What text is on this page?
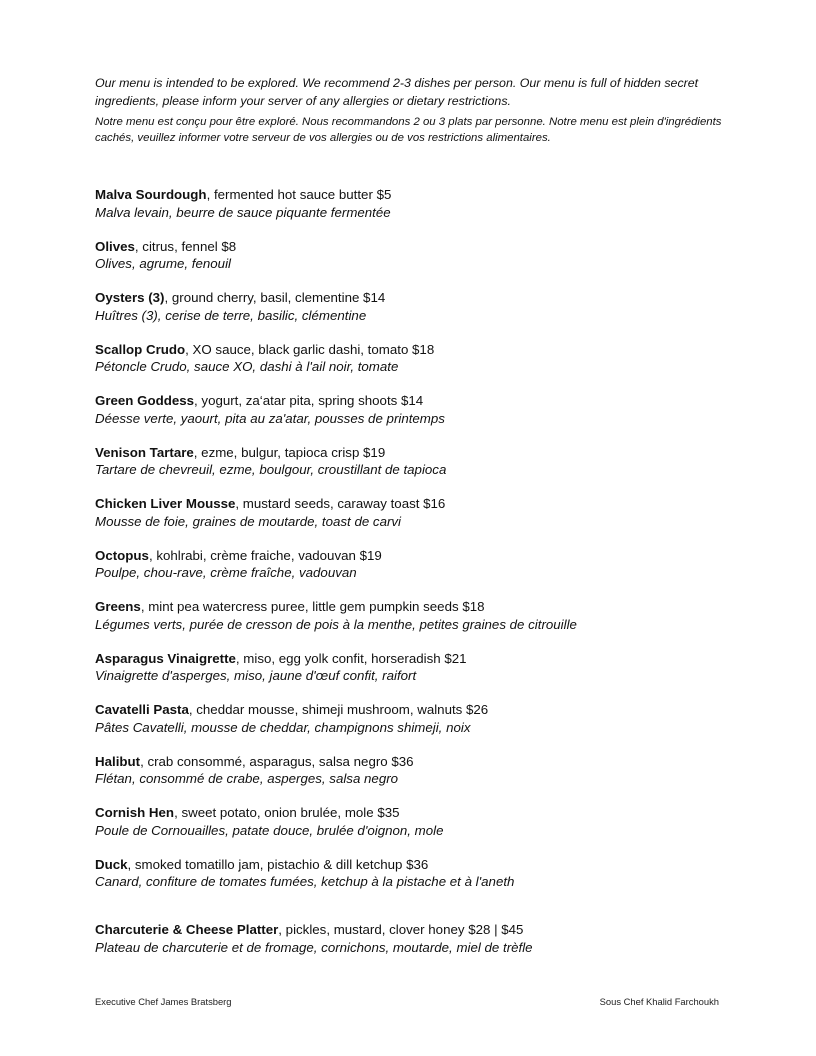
Our menu is intended to be explored. We recommend 2-3 dishes per person. Our menu is full of hidden secret ingredients, please inform your server of any allergies or dietary restrictions.

Notre menu est conçu pour être exploré. Nous recommandons 2 ou 3 plats par personne. Notre menu est plein d'ingrédients cachés, veuillez informer votre serveur de vos allergies ou de vos restrictions alimentaires.

Malva Sourdough, fermented hot sauce butter $5
Malva levain, beurre de sauce piquante fermentée
Olives, citrus, fennel $8
Olives, agrume, fenouil
Oysters (3), ground cherry, basil, clementine $14
Huîtres (3), cerise de terre, basilic, clémentine
Scallop Crudo, XO sauce, black garlic dashi, tomato $18
Pétoncle Crudo, sauce XO, dashi à l'ail noir, tomate
Green Goddess, yogurt, za‘atar pita, spring shoots $14
Déesse verte, yaourt, pita au za'atar, pousses de printemps
Venison Tartare, ezme, bulgur, tapioca crisp $19
Tartare de chevreuil, ezme, boulgour, croustillant de tapioca
Chicken Liver Mousse, mustard seeds, caraway toast $16
Mousse de foie, graines de moutarde, toast de carvi
Octopus, kohlrabi, crème fraiche, vadouvan $19
Poulpe, chou-rave, crème fraîche, vadouvan
Greens, mint pea watercress puree, little gem pumpkin seeds $18
Légumes verts, purée de cresson de pois à la menthe, petites graines de citrouille
Asparagus Vinaigrette, miso, egg yolk confit, horseradish $21
Vinaigrette d'asperges, miso, jaune d'œuf confit, raifort
Cavatelli Pasta, cheddar mousse, shimeji mushroom, walnuts $26
Pâtes Cavatelli, mousse de cheddar, champignons shimeji, noix
Halibut, crab consommé, asparagus, salsa negro $36
Flétan, consommé de crabe, asperges, salsa negro
Cornish Hen, sweet potato, onion brulée, mole $35
Poule de Cornouailles, patate douce, brulée d'oignon, mole
Duck, smoked tomatillo jam, pistachio & dill ketchup $36
Canard, confiture de tomates fumées, ketchup à la pistache et à l'aneth
Charcuterie & Cheese Platter, pickles, mustard, clover honey $28 | $45
Plateau de charcuterie et de fromage, cornichons, moutarde, miel de trèfle
Executive Chef James Bratsberg	Sous Chef Khalid Farchoukh
